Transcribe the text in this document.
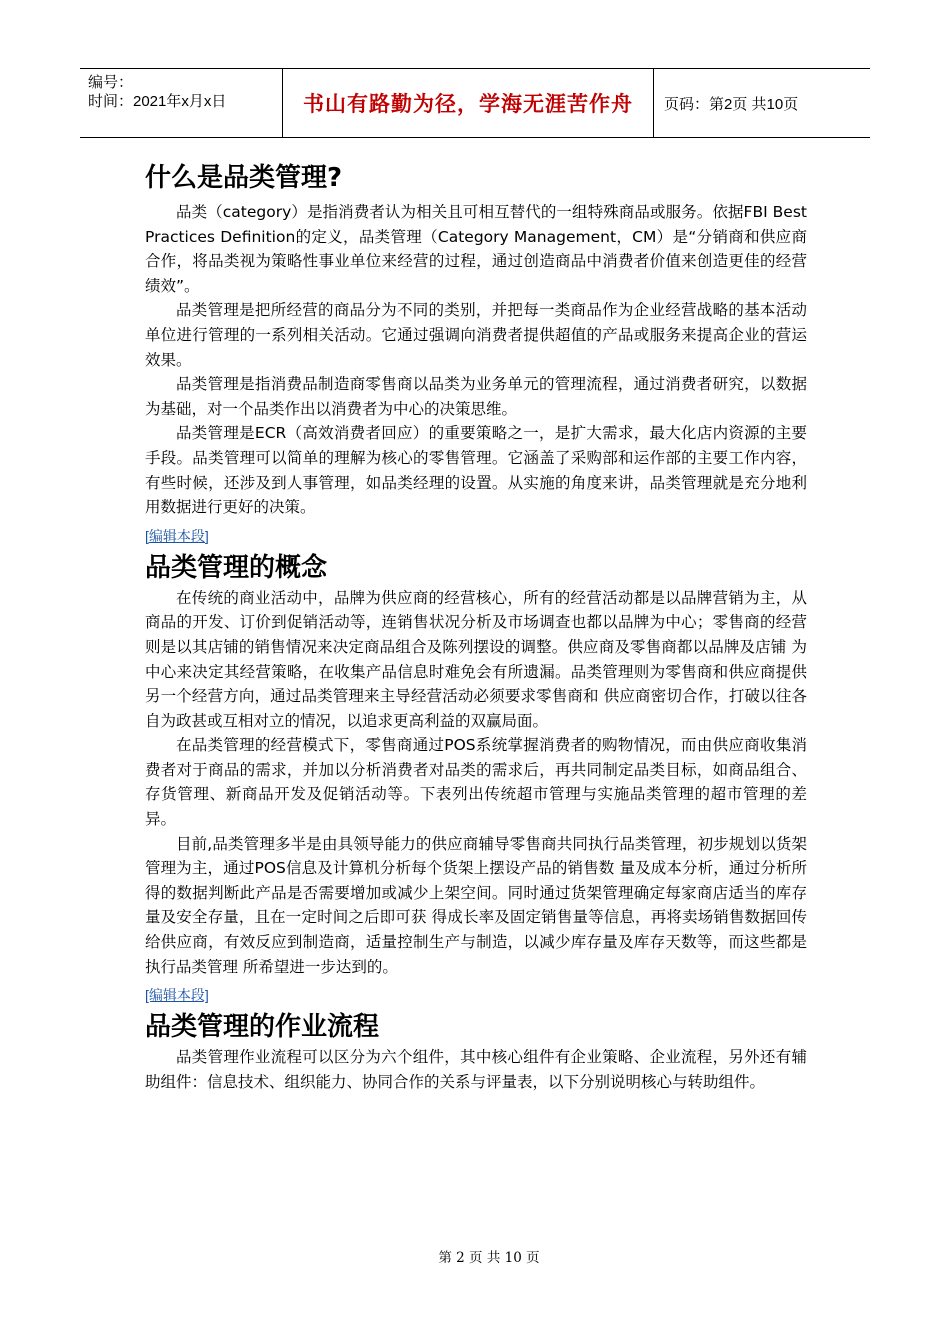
编号：
时间：2021年x月x日	书山有路勤为径，学海无涯苦作舟 页码：第2页 共10页
什么是品类管理?

品类（category）是指消费者认为相关且可相互替代的一组特殊商品或服务。依据FBI Best Practices Definition的定义，品类管理（Category Management，CM）是“分销商和供应商合作，将品类视为策略性事业单位来经营的过程，通过创造商品中消费者价值来创造更佳的经营绩效”。

品类管理是把所经营的商品分为不同的类别，并把每一类商品作为企业经营战略的基本活动单位进行管理的一系列相关活动。它通过强调向消费者提供超值的产品或服务来提高企业的营运效果。

品类管理是指消费品制造商零售商以品类为业务单元的管理流程，通过消费者研究，以数据为基础，对一个品类作出以消费者为中心的决策思维。

品类管理是ECR（高效消费者回应）的重要策略之一，是扩大需求，最大化店内资源的主要手段。品类管理可以简单的理解为核心的零售管理。它涵盖了采购部和运作部的主要工作内容，有些时候，还涉及到人事管理，如品类经理的设置。从实施的角度来讲，品类管理就是充分地利用数据进行更好的决策。

[编辑本段]
品类管理的概念

在传统的商业活动中，品牌为供应商的经营核心，所有的经营活动都是以品牌营销为主，从商品的开发、订价到促销活动等，连销售状况分析及市场调查也都以品牌为中心；零售商的经营则是以其店铺的销售情况来决定商品组合及陈列摆设的调整。供应商及零售商都以品牌及店铺 为中心来决定其经营策略，在收集产品信息时难免会有所遗漏。品类管理则为零售商和供应商提供另一个经营方向，通过品类管理来主导经营活动必须要求零售商和 供应商密切合作，打破以往各自为政甚或互相对立的情况，以追求更高利益的双赢局面。

在品类管理的经营模式下，零售商通过POS系统掌握消费者的购物情况，而由供应商收集消费者对于商品的需求，并加以分析消费者对品类的需求后，再共同制定品类目标，如商品组合、存货管理、新商品开发及促销活动等。下表列出传统超市管理与实施品类管理的超市管理的差异。

目前,品类管理多半是由具领导能力的供应商辅导零售商共同执行品类管理，初步规划以货架管理为主，通过POS信息及计算机分析每个货架上摆设产品的销售数 量及成本分析，通过分析所得的数据判断此产品是否需要增加或减少上架空间。同时通过货架管理确定每家商店适当的库存量及安全存量，且在一定时间之后即可获 得成长率及固定销售量等信息，再将卖场销售数据回传给供应商，有效反应到制造商，适量控制生产与制造，以减少库存量及库存天数等，而这些都是执行品类管理 所希望进一步达到的。

[编辑本段]
品类管理的作业流程

品类管理作业流程可以区分为六个组件，其中核心组件有企业策略、企业流程，另外还有辅助组件：信息技术、组织能力、协同合作的关系与评量表，以下分别说明核心与转助组件。

第 2 页 共 10 页
